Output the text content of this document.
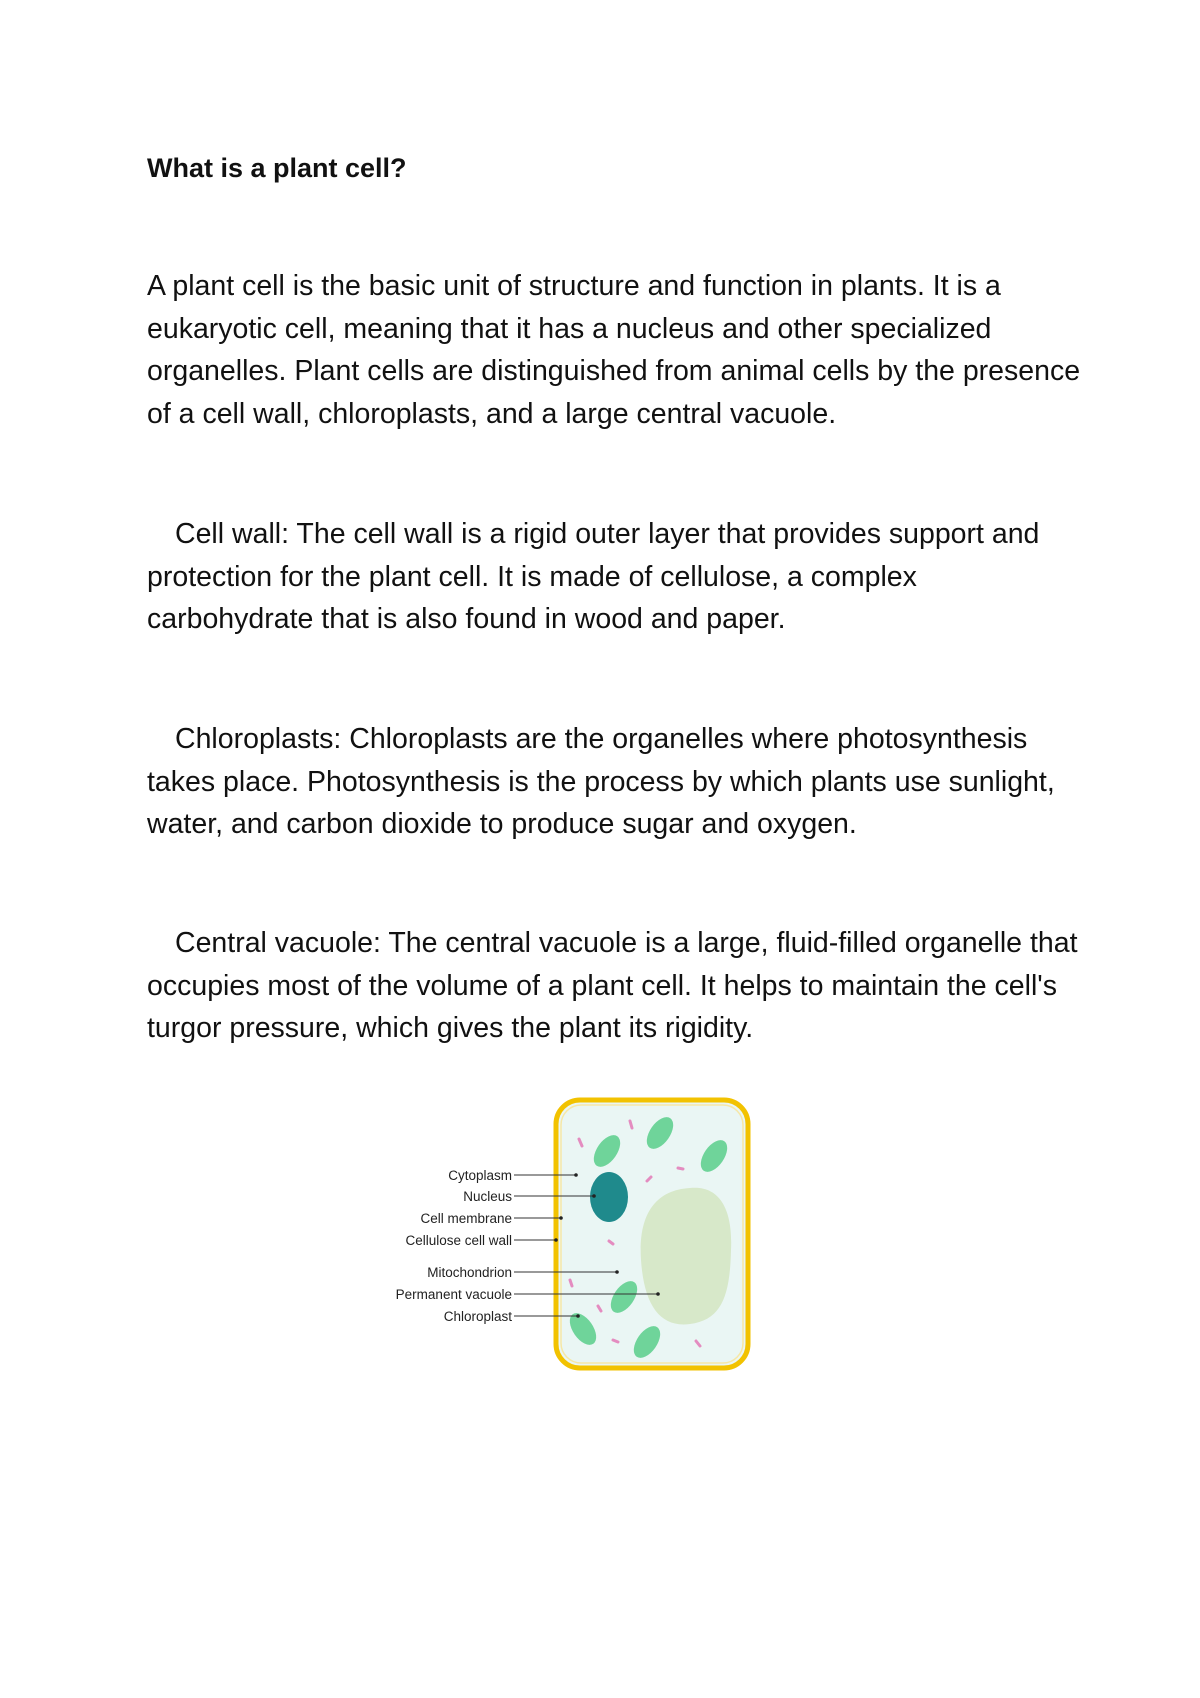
What is a plant cell?

A plant cell is the basic unit of structure and function in plants. It is a eukaryotic cell, meaning that it has a nucleus and other specialized organelles. Plant cells are distinguished from animal cells by the presence of a cell wall, chloroplasts, and a large central vacuole.

Cell wall: The cell wall is a rigid outer layer that provides support and protection for the plant cell. It is made of cellulose, a complex carbohydrate that is also found in wood and paper.

Chloroplasts: Chloroplasts are the organelles where photosynthesis takes place. Photosynthesis is the process by which plants use sunlight, water, and carbon dioxide to produce sugar and oxygen.

Central vacuole: The central vacuole is a large, fluid-filled organelle that occupies most of the volume of a plant cell. It helps to maintain the cell's turgor pressure, which gives the plant its rigidity.

Cytoplasm
Nucleus
Cell membrane
Cellulose cell wall
Mitochondrion
Permanent vacuole
Chloroplast
